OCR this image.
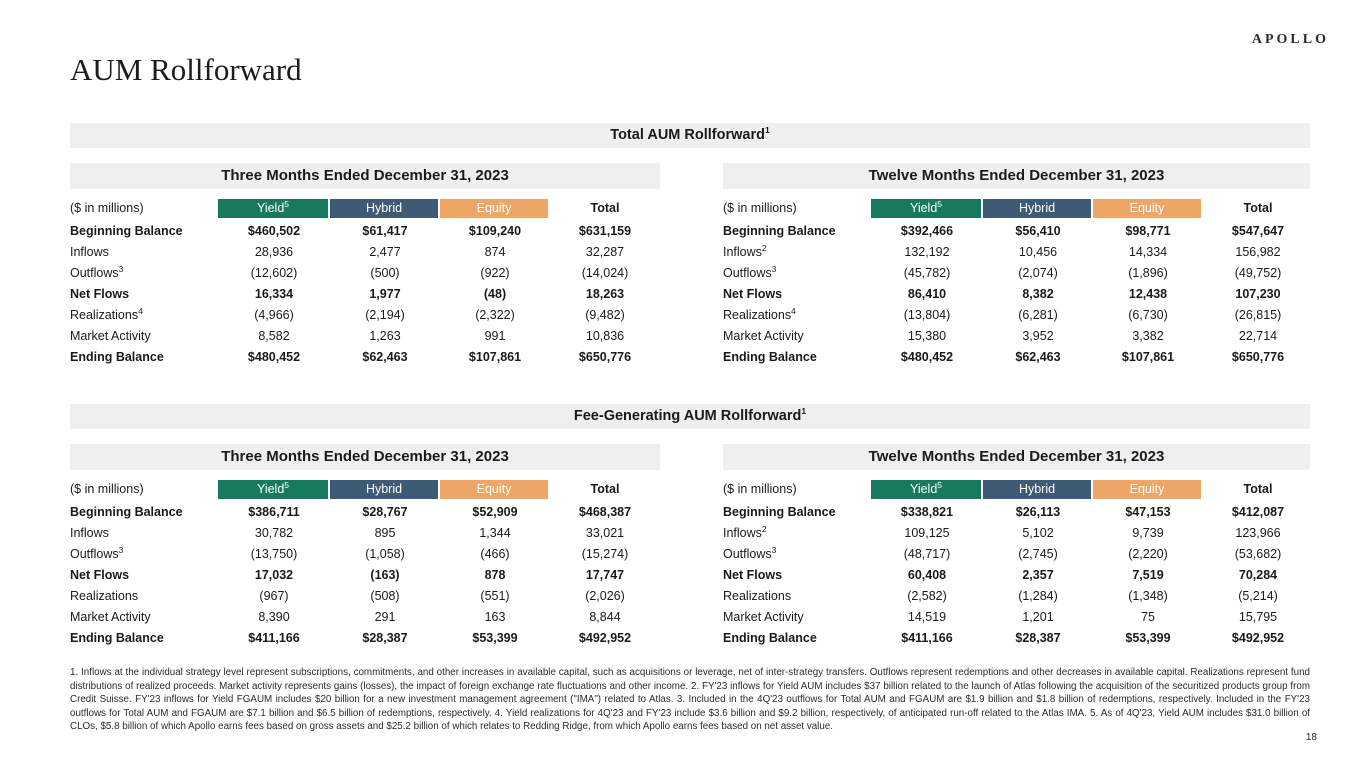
APOLLO
AUM Rollforward
Total AUM Rollforward$^1$
Three Months Ended December 31, 2023	Twelve Months Ended December 31, 2023
($ in millions)	Yield$^5$	Hybrid	Equity	Total
Beginning Balance	$460,502	$61,417	$109,240	$631,159
Inflows	28,936	2,477	874	32,287
Outflows$^3$	(12,602)	(500)	(922)	(14,024)
Net Flows	16,334	1,977	(48)	18,263
Realizations$^4$	(4,966)	(2,194)	(2,322)	(9,482)
Market Activity	8,582	1,263	991	10,836
Ending Balance	$480,452	$62,463	$107,861	$650,776
($ in millions)	Yield$^5$	Hybrid	Equity	Total
Beginning Balance	$392,466	$56,410	$98,771	$547,647
Inflows$^2$	132,192	10,456	14,334	156,982
Outflows$^3$	(45,782)	(2,074)	(1,896)	(49,752)
Net Flows	86,410	8,382	12,438	107,230
Realizations$^4$	(13,804)	(6,281)	(6,730)	(26,815)
Market Activity	15,380	3,952	3,382	22,714
Ending Balance	$480,452	$62,463	$107,861	$650,776
Fee-Generating AUM Rollforward$^1$
Three Months Ended December 31, 2023	Twelve Months Ended December 31, 2023
($ in millions)	Yield$^5$	Hybrid	Equity	Total
Beginning Balance	$386,711	$28,767	$52,909	$468,387
Inflows	30,782	895	1,344	33,021
Outflows$^3$	(13,750)	(1,058)	(466)	(15,274)
Net Flows	17,032	(163)	878	17,747
Realizations	(967)	(508)	(551)	(2,026)
Market Activity	8,390	291	163	8,844
Ending Balance	$411,166	$28,387	$53,399	$492,952
($ in millions)	Yield$^5$	Hybrid	Equity	Total
Beginning Balance	$338,821	$26,113	$47,153	$412,087
Inflows$^2$	109,125	5,102	9,739	123,966
Outflows$^3$	(48,717)	(2,745)	(2,220)	(53,682)
Net Flows	60,408	2,357	7,519	70,284
Realizations	(2,582)	(1,284)	(1,348)	(5,214)
Market Activity	14,519	1,201	75	15,795
Ending Balance	$411,166	$28,387	$53,399	$492,952
1. Inflows at the individual strategy level represent subscriptions, commitments, and other increases in available capital, such as acquisitions or leverage, net of inter-strategy transfers. Outflows represent redemptions and other decreases in available capital. Realizations represent fund distributions of realized proceeds. Market activity represents gains (losses), the impact of foreign exchange rate fluctuations and other income. 2. FY'23 inflows for Yield AUM includes $37 billion related to the launch of Atlas following the acquisition of the securitized products group from Credit Suisse. FY'23 inflows for Yield FGAUM includes $20 billion for a new investment management agreement ("IMA") related to Atlas. 3. Included in the 4Q'23 outflows for Total AUM and FGAUM are $1.9 billion and $1.8 billion of redemptions, respectively. Included in the FY'23 outflows for Total AUM and FGAUM are $7.1 billion and $6.5 billion of redemptions, respectively. 4. Yield realizations for 4Q'23 and FY'23 include $3.6 billion and $9.2 billion, respectively, of anticipated run-off related to the Atlas IMA. 5. As of 4Q'23, Yield AUM includes $31.0 billion of CLOs, $5.8 billion of which Apollo earns fees based on gross assets and $25.2 billion of which relates to Redding Ridge, from which Apollo earns fees based on net asset value.
18
